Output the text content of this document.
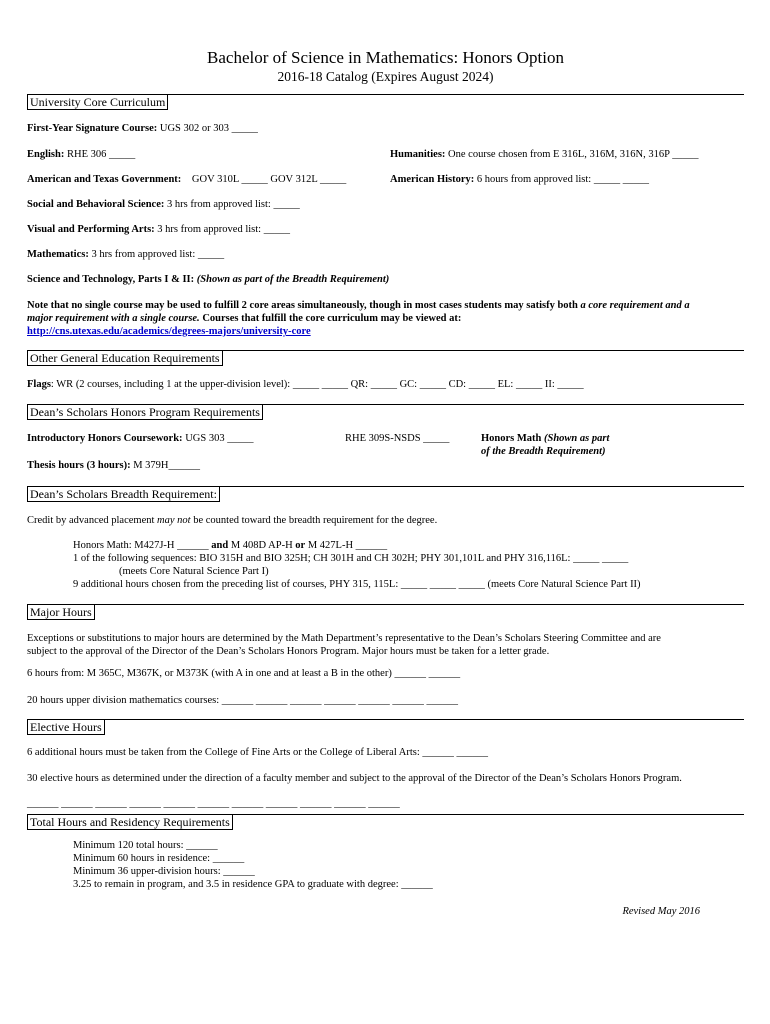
Bachelor of Science in Mathematics: Honors Option
2016-18 Catalog (Expires August 2024)
University Core Curriculum
First-Year Signature Course: UGS 302 or 303 _____
English: RHE 306 _____	Humanities: One course chosen from E 316L, 316M, 316N, 316P _____
American and Texas Government: GOV 310L _____ GOV 312L _____	American History: 6 hours from approved list: _____ _____
Social and Behavioral Science: 3 hrs from approved list: _____
Visual and Performing Arts: 3 hrs from approved list: _____
Mathematics: 3 hrs from approved list: _____
Science and Technology, Parts I & II: (Shown as part of the Breadth Requirement)
Note that no single course may be used to fulfill 2 core areas simultaneously, though in most cases students may satisfy both a core requirement and a
major requirement with a single course. Courses that fulfill the core curriculum may be viewed at:
http://cns.utexas.edu/academics/degrees-majors/university-core
Other General Education Requirements
Flags: WR (2 courses, including 1 at the upper-division level): _____ _____ QR: _____ GC: _____ CD: _____ EL: _____ II: _____
Dean’s Scholars Honors Program Requirements
Introductory Honors Coursework: UGS 303 _____	RHE 309S-NSDS _____	Honors Math (Shown as part
of the Breadth Requirement)
Thesis hours (3 hours): M 379H______
Dean’s Scholars Breadth Requirement:
Credit by advanced placement may not be counted toward the breadth requirement for the degree.
Honors Math: M427J-H ______ and M 408D AP-H or M 427L-H ______
1 of the following sequences: BIO 315H and BIO 325H; CH 301H and CH 302H; PHY 301,101L and PHY 316,116L: _____ _____
(meets Core Natural Science Part I)
9 additional hours chosen from the preceding list of courses, PHY 315, 115L: _____ _____ _____ (meets Core Natural Science Part II)
Major Hours
Exceptions or substitutions to major hours are determined by the Math Department’s representative to the Dean’s Scholars Steering Committee and are
subject to the approval of the Director of the Dean’s Scholars Honors Program. Major hours must be taken for a letter grade.
6 hours from: M 365C, M367K, or M373K (with A in one and at least a B in the other) ______ ______
20 hours upper division mathematics courses: ______ ______ ______ ______ ______ ______ ______
Elective Hours
6 additional hours must be taken from the College of Fine Arts or the College of Liberal Arts: ______ ______
30 elective hours as determined under the direction of a faculty member and subject to the approval of the Director of the Dean’s Scholars Honors Program.
______ ______ ______ ______ ______ ______ ______ ______ ______ ______ ______
Total Hours and Residency Requirements
Minimum 120 total hours: ______
Minimum 60 hours in residence: ______
Minimum 36 upper-division hours: ______
3.25 to remain in program, and 3.5 in residence GPA to graduate with degree: ______
Revised May 2016
